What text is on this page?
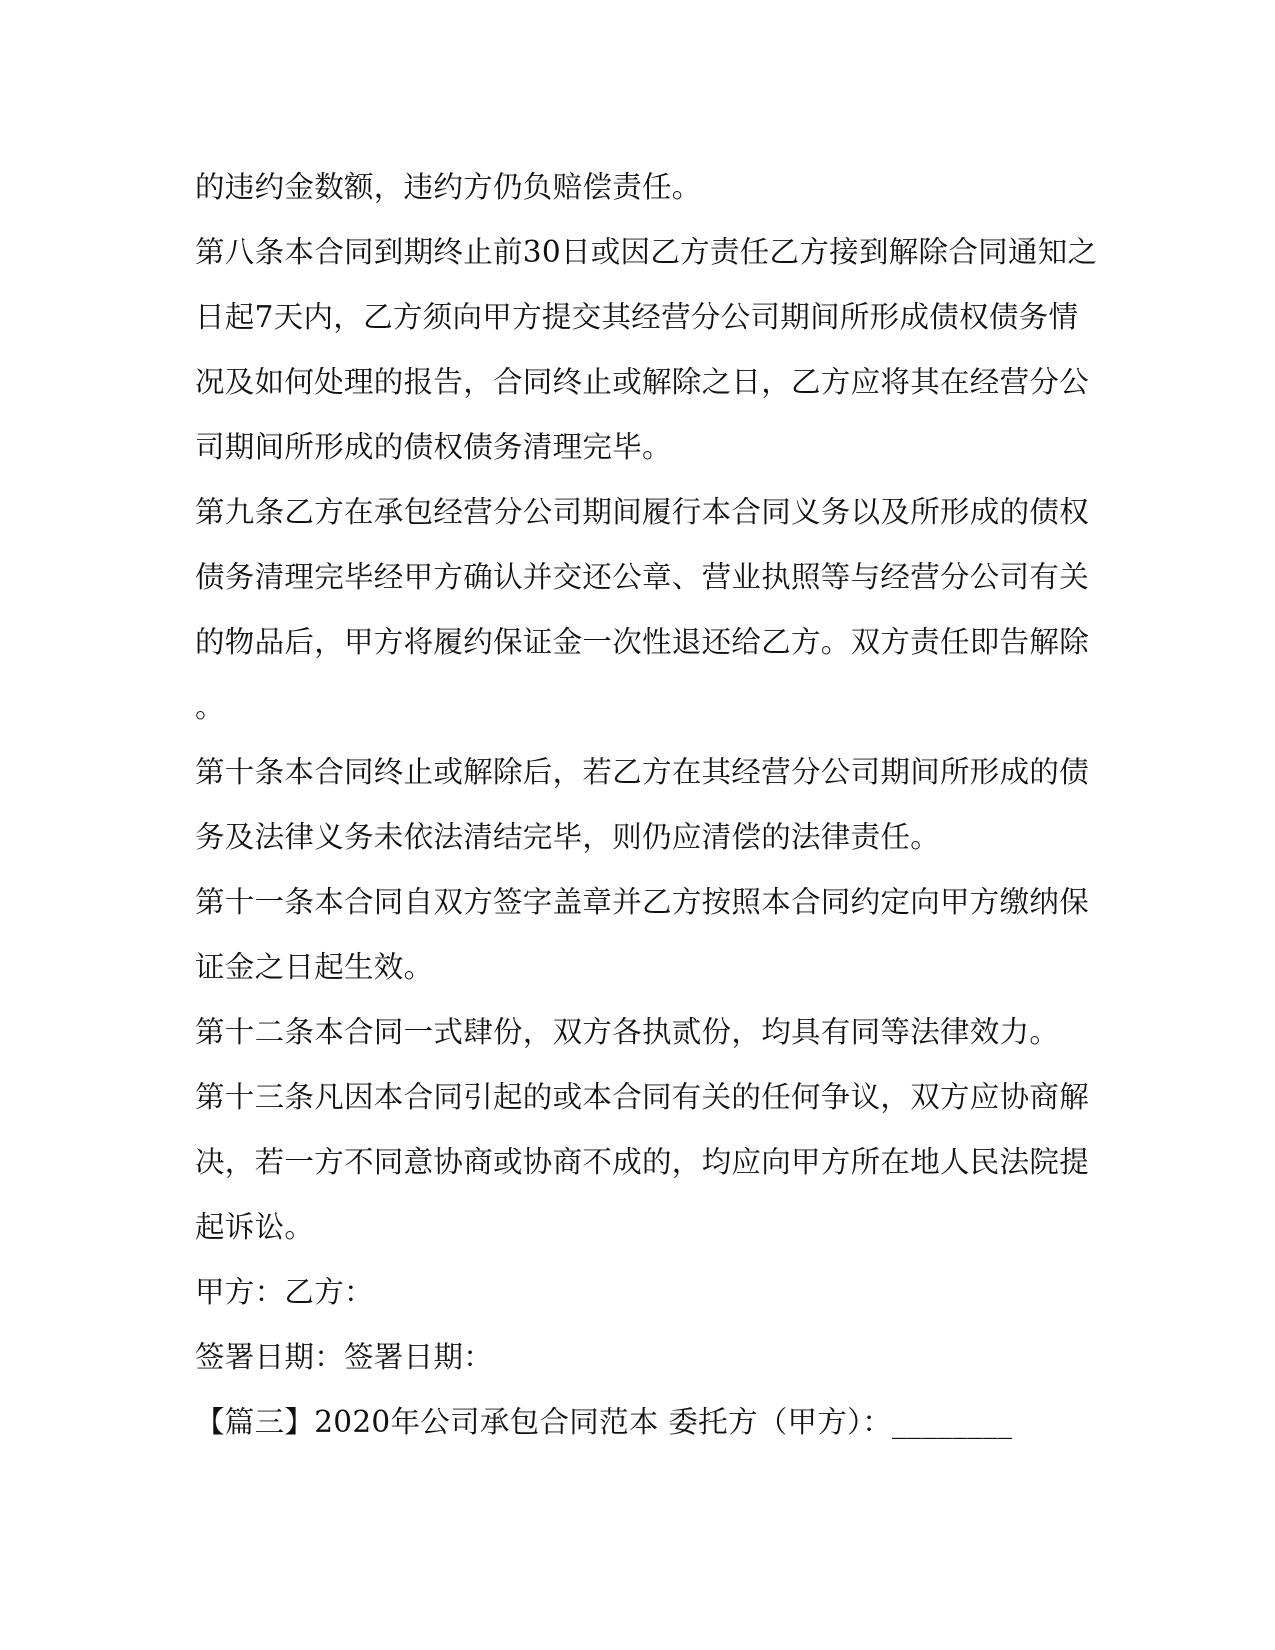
的违约金数额，违约方仍负赔偿责任。
第八条本合同到期终止前30日或因乙方责任乙方接到解除合同通知之
日起7天内，乙方须向甲方提交其经营分公司期间所形成债权债务情
况及如何处理的报告，合同终止或解除之日，乙方应将其在经营分公
司期间所形成的债权债务清理完毕。
第九条乙方在承包经营分公司期间履行本合同义务以及所形成的债权
债务清理完毕经甲方确认并交还公章、营业执照等与经营分公司有关
的物品后，甲方将履约保证金一次性退还给乙方。双方责任即告解除
。
第十条本合同终止或解除后，若乙方在其经营分公司期间所形成的债
务及法律义务未依法清结完毕，则仍应清偿的法律责任。
第十一条本合同自双方签字盖章并乙方按照本合同约定向甲方缴纳保
证金之日起生效。
第十二条本合同一式肆份，双方各执贰份，均具有同等法律效力。
第十三条凡因本合同引起的或本合同有关的任何争议，双方应协商解
决，若一方不同意协商或协商不成的，均应向甲方所在地人民法院提
起诉讼。
甲方：乙方：
签署日期：签署日期：
【篇三】2020年公司承包合同范本 委托方（甲方）：________
